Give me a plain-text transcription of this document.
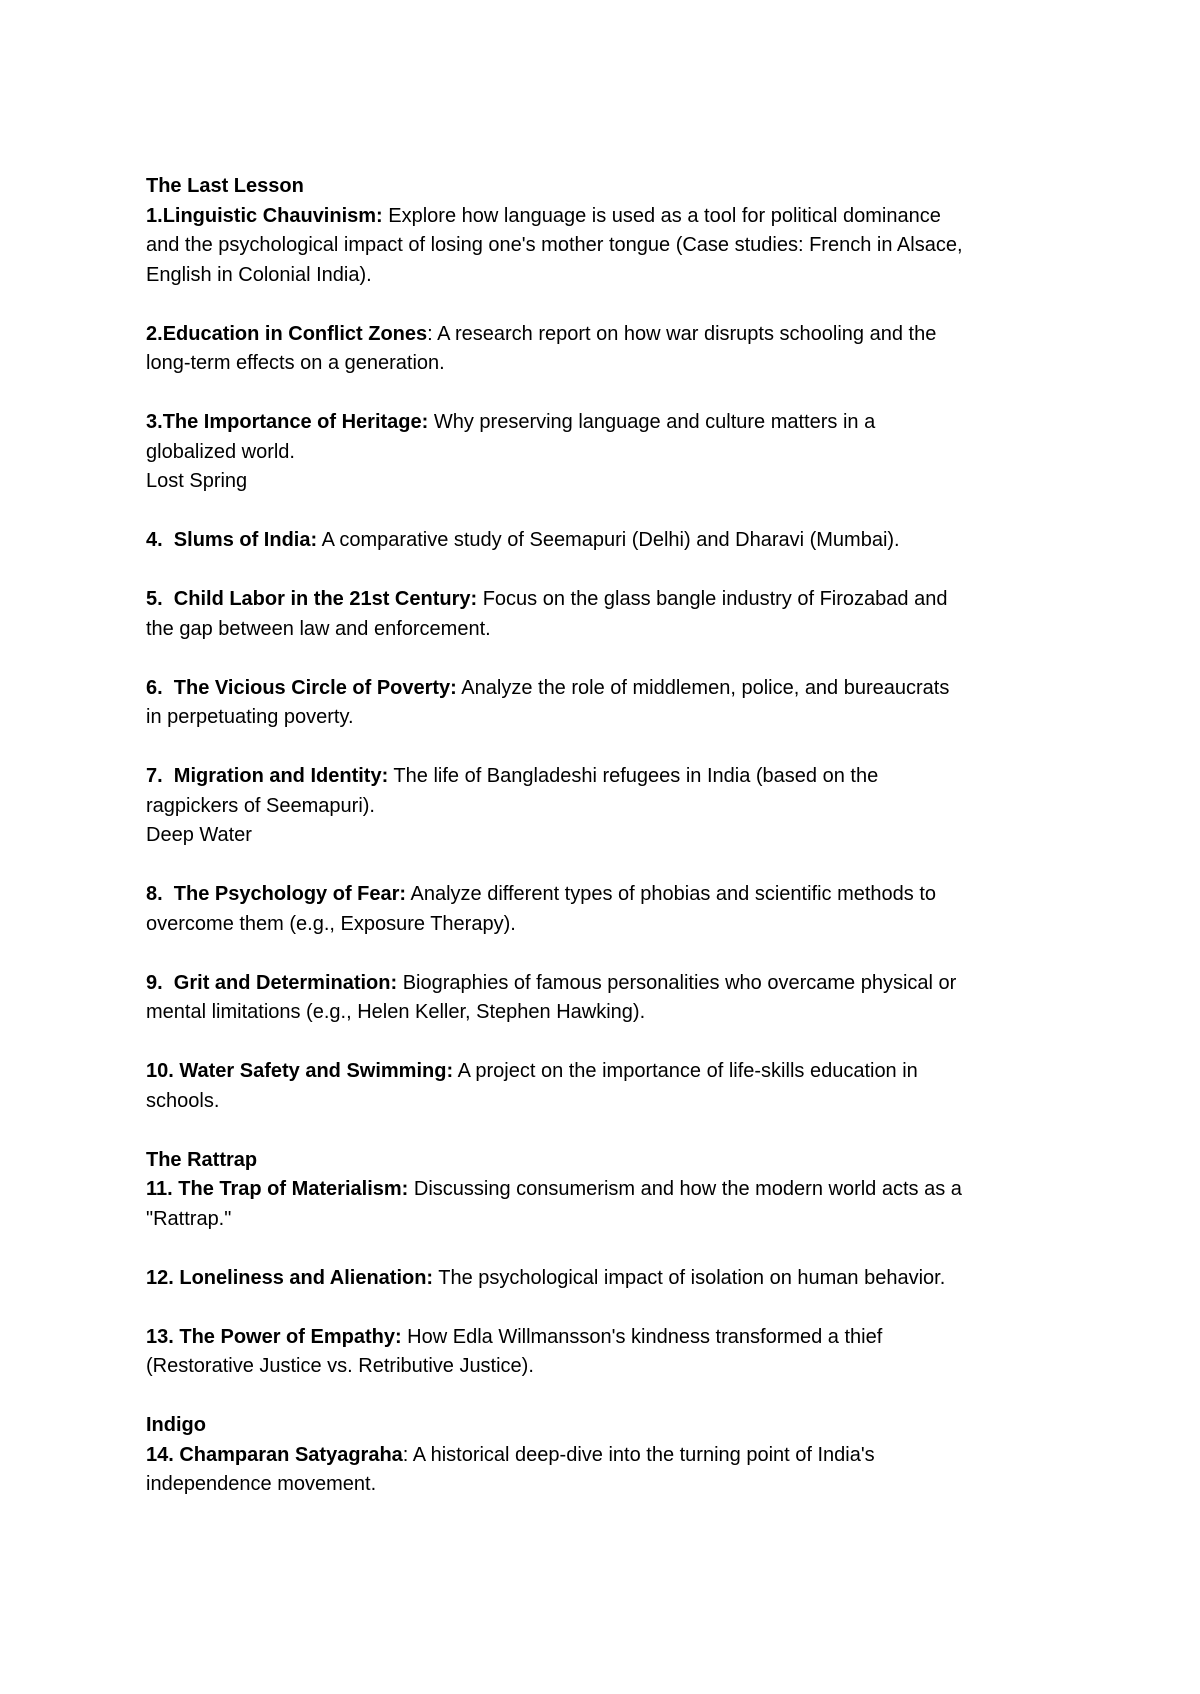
The Last Lesson
1.Linguistic Chauvinism: Explore how language is used as a tool for political dominance
and the psychological impact of losing one's mother tongue (Case studies: French in Alsace,
English in Colonial India).
2.Education in Conflict Zones: A research report on how war disrupts schooling and the
long-term effects on a generation.
3.The Importance of Heritage: Why preserving language and culture matters in a
globalized world.
Lost Spring
4.  Slums of India: A comparative study of Seemapuri (Delhi) and Dharavi (Mumbai).
5.  Child Labor in the 21st Century: Focus on the glass bangle industry of Firozabad and
the gap between law and enforcement.
6.  The Vicious Circle of Poverty: Analyze the role of middlemen, police, and bureaucrats
in perpetuating poverty.
7.  Migration and Identity: The life of Bangladeshi refugees in India (based on the
ragpickers of Seemapuri).
Deep Water
8.  The Psychology of Fear: Analyze different types of phobias and scientific methods to
overcome them (e.g., Exposure Therapy).
9.  Grit and Determination: Biographies of famous personalities who overcame physical or
mental limitations (e.g., Helen Keller, Stephen Hawking).
10. Water Safety and Swimming: A project on the importance of life-skills education in
schools.
The Rattrap
11. The Trap of Materialism: Discussing consumerism and how the modern world acts as a
"Rattrap."
12. Loneliness and Alienation: The psychological impact of isolation on human behavior.
13. The Power of Empathy: How Edla Willmansson's kindness transformed a thief
(Restorative Justice vs. Retributive Justice).
Indigo
14. Champaran Satyagraha: A historical deep-dive into the turning point of India's
independence movement.
